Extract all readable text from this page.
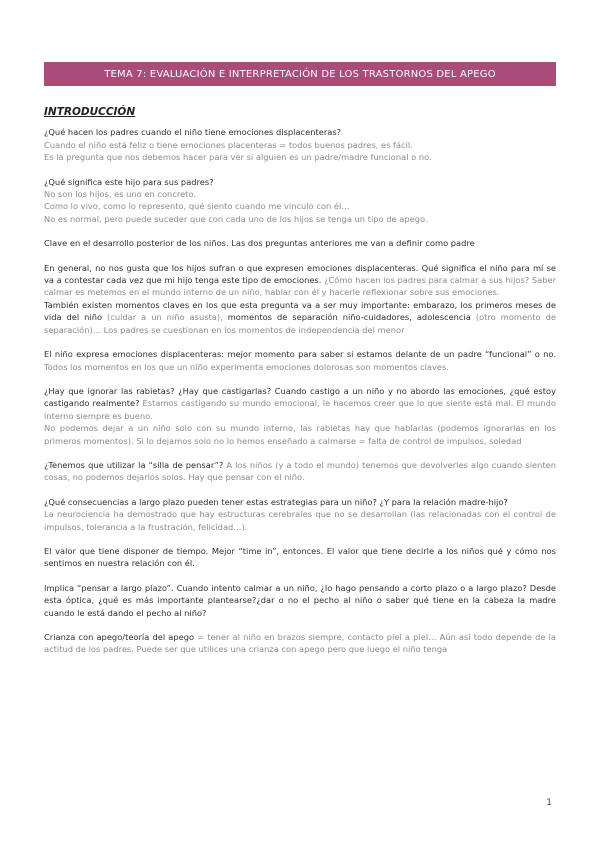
TEMA 7: EVALUACIÓN E INTERPRETACIÓN DE LOS TRASTORNOS DEL APEGO
INTRODUCCIÓN

¿Qué hacen los padres cuando el niño tiene emociones displacenteras?

Cuando el niño está feliz o tiene emociones placenteras = todos buenos padres, es fácil.

Es la pregunta que nos debemos hacer para ver si alguien es un padre/madre funcional o no.

¿Qué significa este hijo para sus padres?

No son los hijos, es uno en concreto.

Como lo vivo, como lo represento, qué siento cuando me vinculo con él…

No es normal, pero puede suceder que con cada uno de los hijos se tenga un tipo de apego.

Clave en el desarrollo posterior de los niños. Las dos preguntas anteriores me van a definir como padre

En general, no nos gusta que los hijos sufran o que expresen emociones displacenteras. Qué significa el niño para mí se va a contestar cada vez que mi hijo tenga este tipo de emociones. ¿Cómo hacen los padres para calmar a sus hijos? Saber calmar es metemos en el mundo interno de un niño, hablar con él y hacerle reflexionar sobre sus emociones.

También existen momentos claves en los que esta pregunta va a ser muy importante: embarazo, los primeros meses de vida del niño (cuidar a un niño asusta), momentos de separación niño-cuidadores, adolescencia (otro momento de separación)… Los padres se cuestionan en los momentos de independencia del menor

El niño expresa emociones displacenteras: mejor momento para saber si estamos delante de un padre “funcional” o no. Todos los momentos en los que un niño experimenta emociones dolorosas son momentos claves.

¿Hay que ignorar las rabietas? ¿Hay que castigarlas? Cuando castigo a un niño y no abordo las emociones, ¿qué estoy castigando realmente? Estamos castigando su mundo emocional, le hacemos creer que lo que siente está mal. El mundo interno siempre es bueno.

No podemos dejar a un niño solo con su mundo interno, las rabietas hay que hablarlas (podemos ignorarlas en los primeros momentos). Si lo dejamos solo no lo hemos enseñado a calmarse = falta de control de impulsos, soledad

¿Tenemos que utilizar la “silla de pensar”? A los niños (y a todo el mundo) tenemos que devolverles algo cuando sienten cosas, no podemos dejarlos solos. Hay que pensar con el niño.

¿Qué consecuencias a largo plazo pueden tener estas estrategias para un niño? ¿Y para la relación madre-hijo?

La neurociencia ha demostrado que hay estructuras cerebrales que no se desarrollan (las relacionadas con el control de impulsos, tolerancia a la frustración, felicidad…).

El valor que tiene disponer de tiempo. Mejor “time in”, entonces. El valor que tiene decirle a los niños qué y cómo nos sentimos en nuestra relación con él.

Implica “pensar a largo plazo”. Cuando intento calmar a un niño, ¿lo hago pensando a corto plazo o a largo plazo? Desde esta óptica, ¿qué es más importante plantearse?¿dar o no el pecho al niño o saber qué tiene en la cabeza la madre cuando le está dando el pecho al niño?

Crianza con apego/teoría del apego = tener al niño en brazos siempre, contacto piel a piel… Aún así todo depende de la actitud de los padres. Puede ser que utilices una crianza con apego pero que luego el niño tenga

1
